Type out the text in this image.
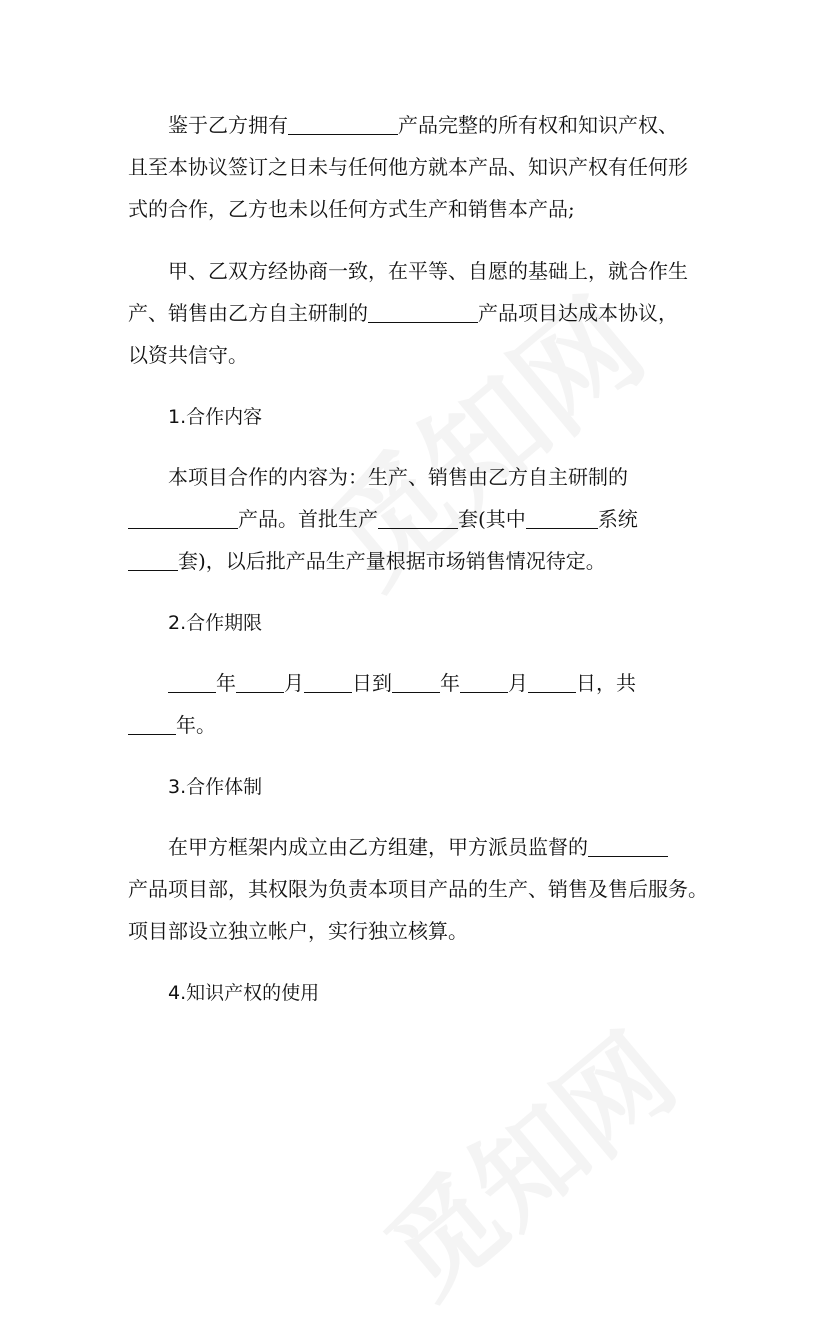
鉴于乙方拥有	产品完整的所有权和知识产权、
且至本协议签订之日未与任何他方就本产品、知识产权有任何形
式的合作，乙方也未以任何方式生产和销售本产品;
甲、乙双方经协商一致，在平等、自愿的基础上，就合作生
产、销售由乙方自主研制的	产品项目达成本协议，
以资共信守。
1.合作内容
本项目合作的内容为：生产、销售由乙方自主研制的
产品。首批生产	套(其中	系统
套)，以后批产品生产量根据市场销售情况待定。
2.合作期限
年 月 日到 年 月 日，共
年。
3.合作体制
在甲方框架内成立由乙方组建，甲方派员监督的
产品项目部，其权限为负责本项目产品的生产、销售及售后服务。
项目部设立独立帐户，实行独立核算。
4.知识产权的使用
